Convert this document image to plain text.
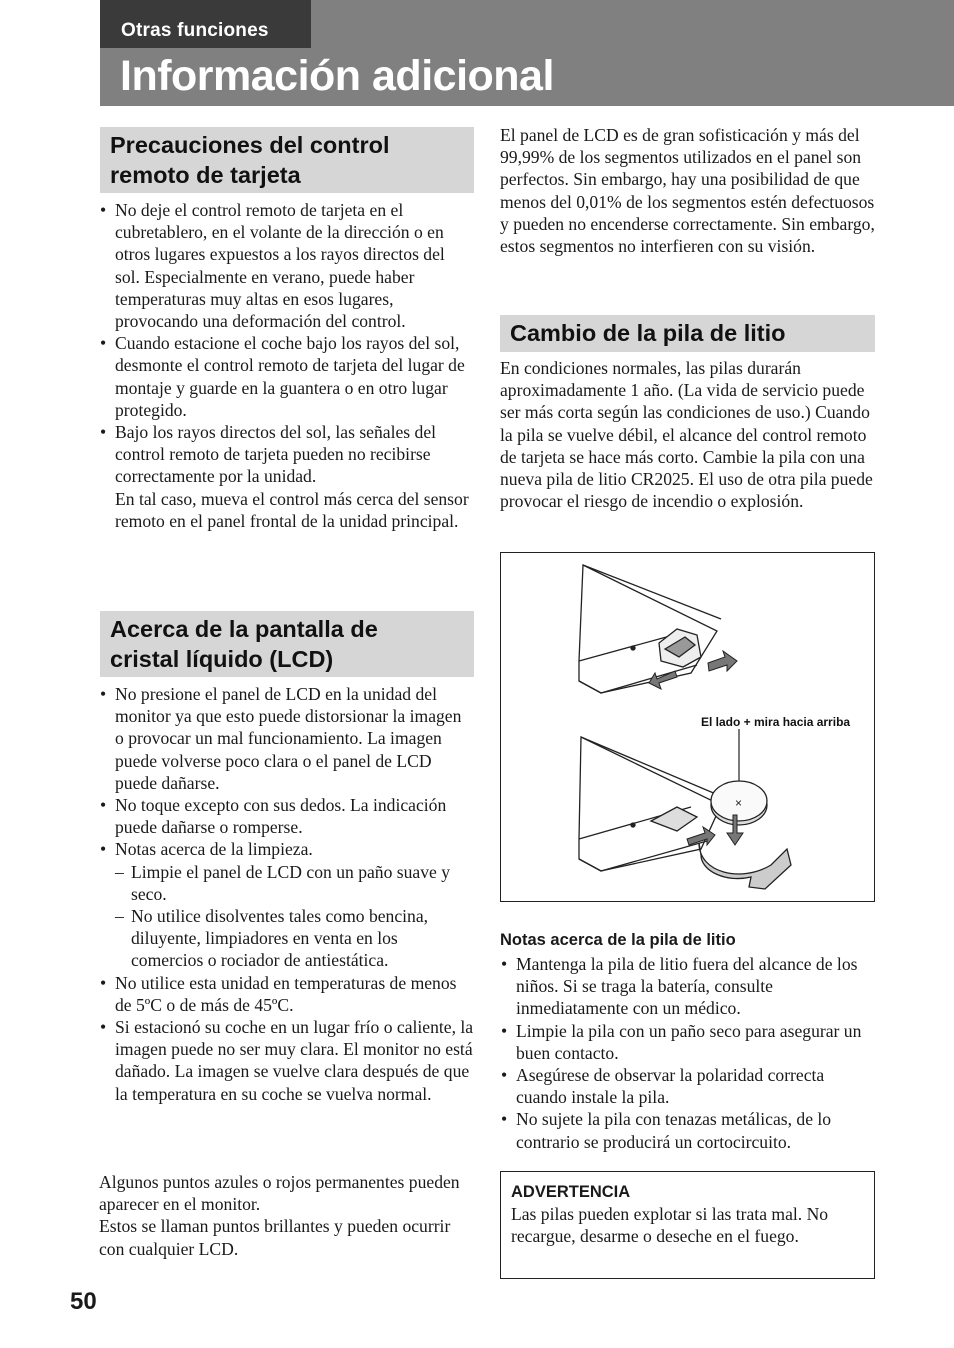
Otras funciones
Información adicional
Precauciones del control
remoto de tarjeta
• No deje el control remoto de tarjeta en el cubretablero, en el volante de la dirección o en otros lugares expuestos a los rayos directos del sol. Especialmente en verano, puede haber temperaturas muy altas en esos lugares, provocando una deformación del control.
• Cuando estacione el coche bajo los rayos del sol, desmonte el control remoto de tarjeta del lugar de montaje y guarde en la guantera o en otro lugar protegido.
• Bajo los rayos directos del sol, las señales del control remoto de tarjeta pueden no recibirse correctamente por la unidad.
En tal caso, mueva el control más cerca del sensor remoto en el panel frontal de la unidad principal.
Acerca de la pantalla de
cristal líquido (LCD)
• No presione el panel de LCD en la unidad del monitor ya que esto puede distorsionar la imagen o provocar un mal funcionamiento. La imagen puede volverse poco clara o el panel de LCD puede dañarse.
• No toque excepto con sus dedos. La indicación puede dañarse o romperse.
• Notas acerca de la limpieza.
– Limpie el panel de LCD con un paño suave y seco.
– No utilice disolventes tales como bencina, diluyente, limpiadores en venta en los comercios o rociador de antiestática.
• No utilice esta unidad en temperaturas de menos de 5ºC o de más de 45ºC.
• Si estacionó su coche en un lugar frío o caliente, la imagen puede no ser muy clara. El monitor no está dañado. La imagen se vuelve clara después de que la temperatura en su coche se vuelva normal.

Algunos puntos azules o rojos permanentes pueden aparecer en el monitor.

Estos se llaman puntos brillantes y pueden ocurrir con cualquier LCD.

El panel de LCD es de gran sofisticación y más del 99,99% de los segmentos utilizados en el panel son perfectos. Sin embargo, hay una posibilidad de que menos del 0,01% de los segmentos estén defectuosos y pueden no encenderse correctamente. Sin embargo, estos segmentos no interfieren con su visión.

Cambio de la pila de litio

En condiciones normales, las pilas durarán aproximadamente 1 año. (La vida de servicio puede ser más corta según las condiciones de uso.) Cuando la pila se vuelve débil, el alcance del control remoto de tarjeta se hace más corto. Cambie la pila con una nueva pila de litio CR2025. El uso de otra pila puede provocar el riesgo de incendio o explosión.

×
El lado + mira hacia arriba
Notas acerca de la pila de litio
• Mantenga la pila de litio fuera del alcance de los niños. Si se traga la batería, consulte inmediatamente con un médico.
• Limpie la pila con un paño seco para asegurar un buen contacto.
• Asegúrese de observar la polaridad correcta cuando instale la pila.
• No sujete la pila con tenazas metálicas, de lo contrario se producirá un cortocircuito.
ADVERTENCIA
Las pilas pueden explotar si las trata mal. No recargue, desarme o deseche en el fuego.
50
